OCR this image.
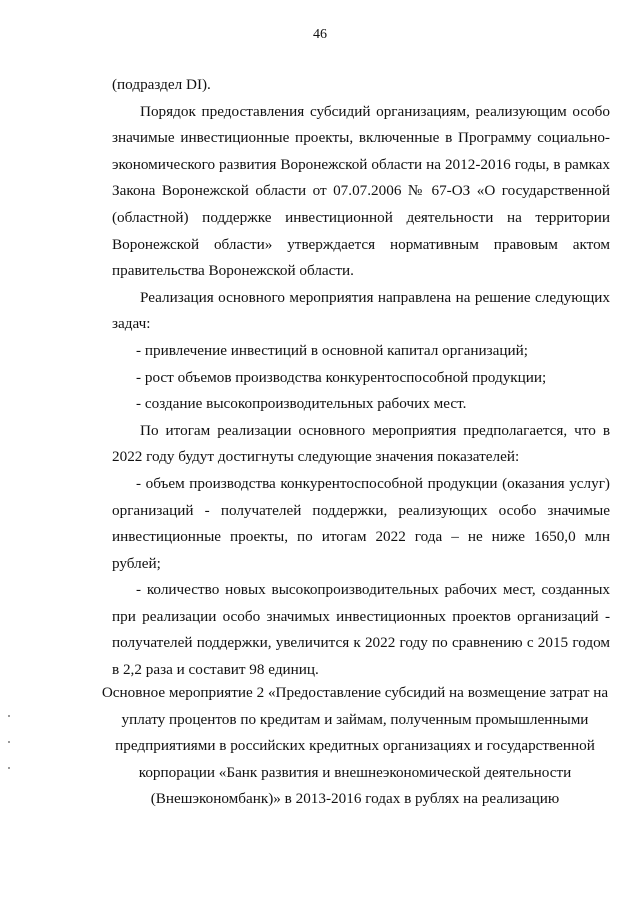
46

(подраздел DI).

Порядок предоставления субсидий организациям, реализующим особо значимые инвестиционные проекты, включенные в Программу социально-экономического развития Воронежской области на 2012-2016 годы, в рамках Закона Воронежской области от 07.07.2006 № 67-ОЗ «О государственной (областной) поддержке инвестиционной деятельности на территории Воронежской области» утверждается нормативным правовым актом правительства Воронежской области.

Реализация основного мероприятия направлена на решение следующих задач:

- привлечение инвестиций в основной капитал организаций;

- рост объемов производства конкурентоспособной продукции;

- создание высокопроизводительных рабочих мест.

По итогам реализации основного мероприятия предполагается, что в 2022 году будут достигнуты следующие значения показателей:

- объем производства конкурентоспособной продукции (оказания услуг) организаций - получателей поддержки, реализующих особо значимые инвестиционные проекты, по итогам 2022 года – не ниже 1650,0 млн рублей;

- количество новых высокопроизводительных рабочих мест, созданных при реализации особо значимых инвестиционных проектов организаций - получателей поддержки, увеличится к 2022 году по сравнению с 2015 годом в 2,2 раза и составит 98 единиц.

Основное мероприятие 2 «Предоставление субсидий на возмещение затрат на уплату процентов по кредитам и займам, полученным промышленными предприятиями в российских кредитных организациях и государственной корпорации «Банк развития и внешнеэкономической деятельности (Внешэкономбанк)» в 2013-2016 годах в рублях на реализацию
